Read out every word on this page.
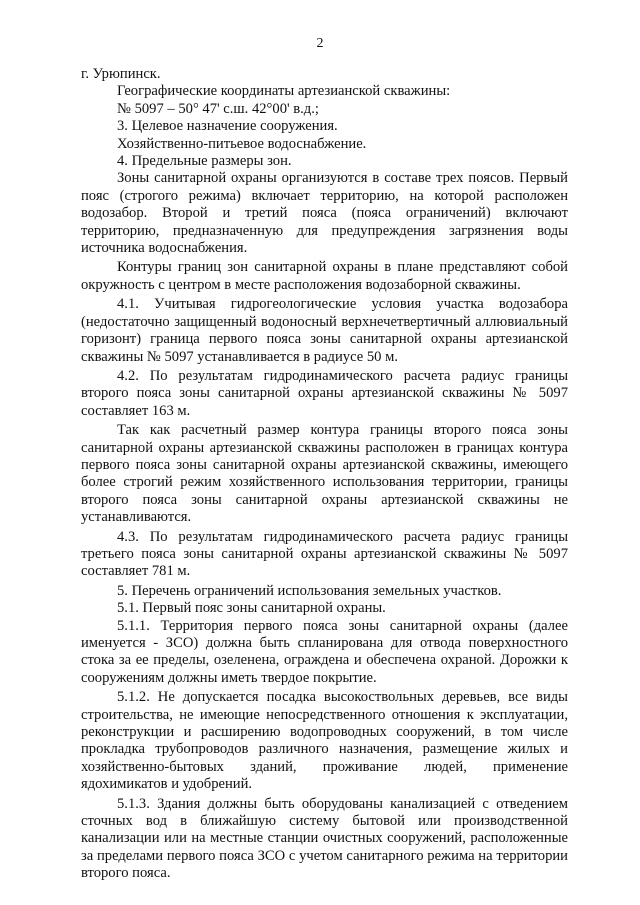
2

г. Урюпинск.

Географические координаты артезианской скважины:

№ 5097 – 50° 47' с.ш. 42°00' в.д.;

3. Целевое назначение сооружения.

Хозяйственно-питьевое водоснабжение.

4. Предельные размеры зон.

Зоны санитарной охраны организуются в составе трех поясов. Первый пояс (строгого режима) включает территорию, на которой расположен водозабор. Второй и третий пояса (пояса ограничений) включают территорию, предназначенную для предупреждения загрязнения воды источника водоснабжения.

Контуры границ зон санитарной охраны в плане представляют собой окружность с центром в месте расположения водозаборной скважины.

4.1. Учитывая гидрогеологические условия участка водозабора (недостаточно защищенный водоносный верхнечетвертичный аллювиальный горизонт) граница первого пояса зоны санитарной охраны артезианской скважины № 5097 устанавливается в радиусе 50 м.

4.2. По результатам гидродинамического расчета радиус границы второго пояса зоны санитарной охраны артезианской скважины № 5097 составляет 163 м.

Так как расчетный размер контура границы второго пояса зоны санитарной охраны артезианской скважины расположен в границах контура первого пояса зоны санитарной охраны артезианской скважины, имеющего более строгий режим хозяйственного использования территории, границы второго пояса зоны санитарной охраны артезианской скважины не устанавливаются.

4.3. По результатам гидродинамического расчета радиус границы третьего пояса зоны санитарной охраны артезианской скважины № 5097 составляет 781 м.

5. Перечень ограничений использования земельных участков.

5.1. Первый пояс зоны санитарной охраны.

5.1.1. Территория первого пояса зоны санитарной охраны (далее именуется - ЗСО) должна быть спланирована для отвода поверхностного стока за ее пределы, озеленена, ограждена и обеспечена охраной. Дорожки к сооружениям должны иметь твердое покрытие.

5.1.2. Не допускается посадка высокоствольных деревьев, все виды строительства, не имеющие непосредственного отношения к эксплуатации, реконструкции и расширению водопроводных сооружений, в том числе прокладка трубопроводов различного назначения, размещение жилых и хозяйственно-бытовых зданий, проживание людей, применение ядохимикатов и удобрений.

5.1.3. Здания должны быть оборудованы канализацией с отведением сточных вод в ближайшую систему бытовой или производственной канализации или на местные станции очистных сооружений, расположенные за пределами первого пояса ЗСО с учетом санитарного режима на территории второго пояса.
